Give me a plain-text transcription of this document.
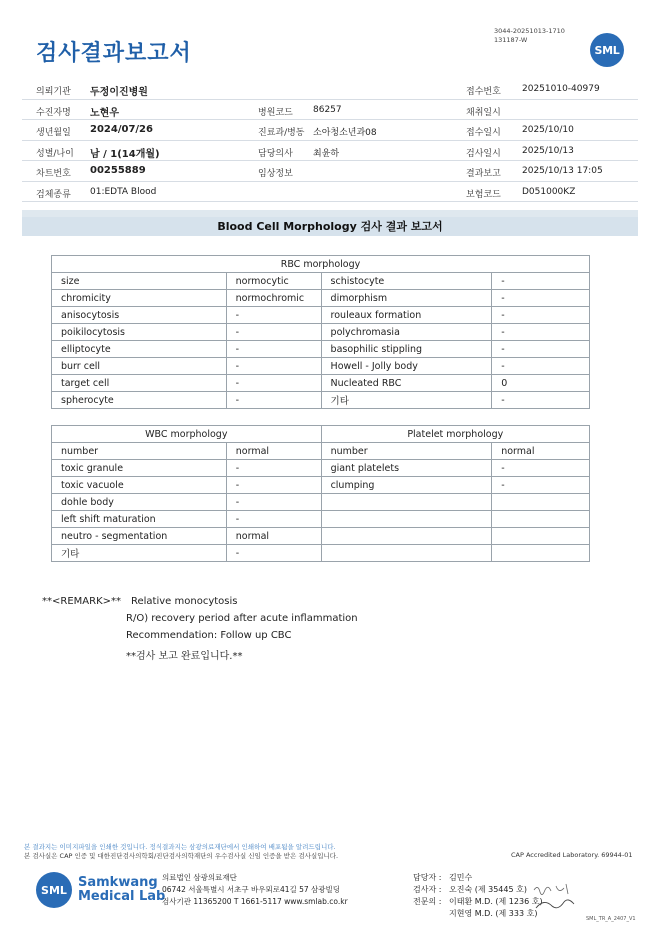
검사결과보고서
3044-20251013-1710
131187-W
SML
의뢰기관 두정이진병원	접수번호 20251010-40979
수진자명 노현우	병원코드 86257	채취일시
생년월일 2024/07/26	진료과/병동 소아청소년과08	접수일시 2025/10/10
성별/나이 남 / 1(14개월)	담당의사 최윤하	검사일시 2025/10/13
차트번호 00255889	임상정보	결과보고 2025/10/13 17:05
검체종류 01:EDTA Blood	보험코드 D051000KZ
Blood Cell Morphology 검사 결과 보고서
RBC morphology			
size	normocytic	schistocyte	-
chromicity	normochromic	dimorphism	-
anisocytosis	-	rouleaux formation	-
poikilocytosis	-	polychromasia	-
elliptocyte	-	basophilic stippling	-
burr cell	-	Howell - Jolly body	-
target cell	-	Nucleated RBC	0
spherocyte	-	기타	-
WBC morphology		Platelet morphology	
number	normal	number	normal
toxic granule	-	giant platelets	-
toxic vacuole	-	clumping	-
dohle body	-		
left shift maturation	-		
neutro - segmentation	normal		
기타	-		
**<REMARK>** Relative monocytosis
R/O) recovery period after acute inflammation
Recommendation: Follow up CBC
**검사 보고 완료입니다.**
본 결과지는 이미지파일을 인쇄한 것입니다. 정식결과지는 삼광의료재단에서 인쇄하여 배포됨을 알려드립니다.
본 검사실은 CAP 인증 및 대한진단검사의학회/진단검사의학재단의 우수검사실 신임 인증을 받은 검사실입니다.	CAP Accredited Laboratory. 69944-01
SML Samkwang
Medical Lab
의료법인 삼광의료재단
06742 서울특별시 서초구 바우뫼로41길 57 삼광빌딩
검사기관 11365200 T 1661-5117 www.smlab.co.kr
담당자 : 김민수
검사자 : 오진숙 (제 35445 호)
전문의 : 이태환 M.D. (제 1236 호)
지현영 M.D. (제 333 호)
SML_TR_A_2407_V1
